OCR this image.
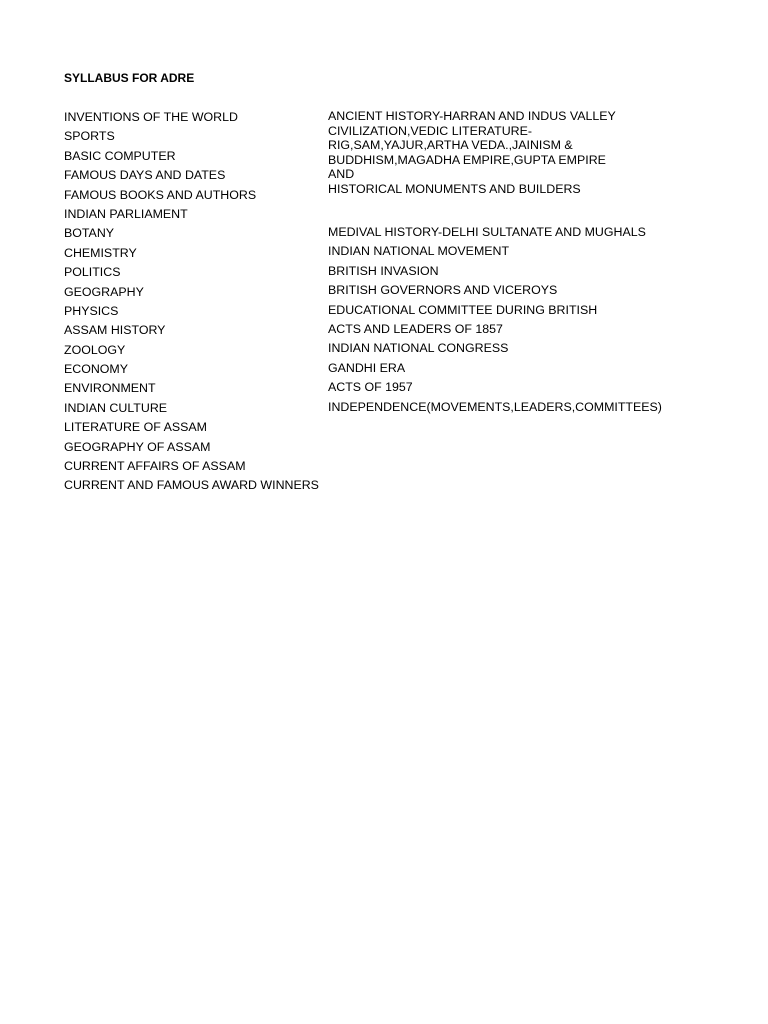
SYLLABUS FOR ADRE
INVENTIONS OF THE WORLD
SPORTS
BASIC COMPUTER
FAMOUS DAYS AND DATES
FAMOUS BOOKS AND AUTHORS
INDIAN PARLIAMENT
BOTANY
CHEMISTRY
POLITICS
GEOGRAPHY
PHYSICS
ASSAM HISTORY
ZOOLOGY
ECONOMY
ENVIRONMENT
INDIAN CULTURE
LITERATURE OF ASSAM
GEOGRAPHY OF ASSAM
CURRENT AFFAIRS OF ASSAM
CURRENT AND FAMOUS AWARD WINNERS
ANCIENT HISTORY-HARRAN AND INDUS VALLEY
CIVILIZATION,VEDIC LITERATURE-
RIG,SAM,YAJUR,ARTHA VEDA.,JAINISM &
BUDDHISM,MAGADHA EMPIRE,GUPTA EMPIRE AND
HISTORICAL MONUMENTS AND BUILDERS
MEDIVAL HISTORY-DELHI SULTANATE AND MUGHALS
INDIAN NATIONAL MOVEMENT
BRITISH INVASION
BRITISH GOVERNORS AND VICEROYS
EDUCATIONAL COMMITTEE DURING BRITISH
ACTS AND LEADERS OF 1857
INDIAN NATIONAL CONGRESS
GANDHI ERA
ACTS OF 1957
INDEPENDENCE(MOVEMENTS,LEADERS,COMMITTEES)
